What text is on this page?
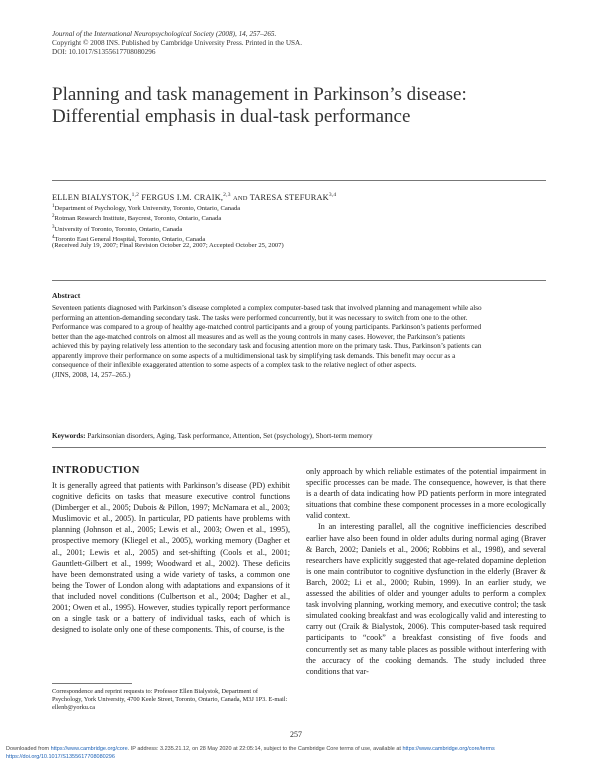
Journal of the International Neuropsychological Society (2008), 14, 257–265.
Copyright © 2008 INS. Published by Cambridge University Press. Printed in the USA.
DOI: 10.1017/S1355617708080296
Planning and task management in Parkinson’s disease:
Differential emphasis in dual-task performance
ELLEN BIALYSTOK,$^{1,2}$ FERGUS I.M. CRAIK,$^{2,3}$ AND TARESA STEFURAK$^{3,4}$
$^1$Department of Psychology, York University, Toronto, Ontario, Canada
$^2$Rotman Research Institute, Baycrest, Toronto, Ontario, Canada
$^3$University of Toronto, Toronto, Ontario, Canada
$^4$Toronto East General Hospital, Toronto, Ontario, Canada
(Received July 19, 2007; Final Revision October 22, 2007; Accepted October 25, 2007)
Abstract
Seventeen patients diagnosed with Parkinson’s disease completed a complex computer-based task that involved planning and management while also performing an attention-demanding secondary task. The tasks were performed concurrently, but it was necessary to switch from one to the other. Performance was compared to a group of healthy age-matched control participants and a group of young participants. Parkinson’s patients performed better than the age-matched controls on almost all measures and as well as the young controls in many cases. However, the Parkinson’s patients achieved this by paying relatively less attention to the secondary task and focusing attention more on the primary task. Thus, Parkinson’s patients can apparently improve their performance on some aspects of a multidimensional task by simplifying task demands. This benefit may occur as a consequence of their inflexible exaggerated attention to some aspects of a complex task to the relative neglect of other aspects.
(JINS, 2008, 14, 257–265.)
Keywords: Parkinsonian disorders, Aging, Task performance, Attention, Set (psychology), Short-term memory
INTRODUCTION

It is generally agreed that patients with Parkinson’s disease (PD) exhibit cognitive deficits on tasks that measure executive control functions (Dimberger et al., 2005; Dubois & Pillon, 1997; McNamara et al., 2003; Muslimovic et al., 2005). In particular, PD patients have problems with planning (Johnson et al., 2005; Lewis et al., 2003; Owen et al., 1995), prospective memory (Kliegel et al., 2005), working memory (Dagher et al., 2001; Lewis et al., 2005) and set-shifting (Cools et al., 2001; Gauntlett-Gilbert et al., 1999; Woodward et al., 2002). These deficits have been demonstrated using a wide variety of tasks, a common one being the Tower of London along with adaptations and expansions of it that included novel conditions (Culbertson et al., 2004; Dagher et al., 2001; Owen et al., 1995). However, studies typically report performance on a single task or a battery of individual tasks, each of which is designed to isolate only one of these components. This, of course, is the

only approach by which reliable estimates of the potential impairment in specific processes can be made. The consequence, however, is that there is a dearth of data indicating how PD patients perform in more integrated situations that combine these component processes in a more ecologically valid context.

In an interesting parallel, all the cognitive inefficiencies described earlier have also been found in older adults during normal aging (Braver & Barch, 2002; Daniels et al., 2006; Robbins et al., 1998), and several researchers have explicitly suggested that age-related dopamine depletion is one main contributor to cognitive dysfunction in the elderly (Braver & Barch, 2002; Li et al., 2000; Rubin, 1999). In an earlier study, we assessed the abilities of older and younger adults to perform a complex task involving planning, working memory, and executive control; the task simulated cooking breakfast and was ecologically valid and interesting to carry out (Craik & Bialystok, 2006). This computer-based task required participants to “cook” a breakfast consisting of five foods and concurrently set as many table places as possible without interfering with the accuracy of the cooking demands. The study included three conditions that var-

Correspondence and reprint requests to: Professor Ellen Bialystok, Department of Psychology, York University, 4700 Keele Street, Toronto, Ontario, Canada, M3J 1P3. E-mail: ellenb@yorku.ca
257
Downloaded from https://www.cambridge.org/core. IP address: 3.235.21.12, on 28 May 2020 at 22:05:14, subject to the Cambridge Core terms of use, available at https://www.cambridge.org/core/terms
https://doi.org/10.1017/S1355617708080296
